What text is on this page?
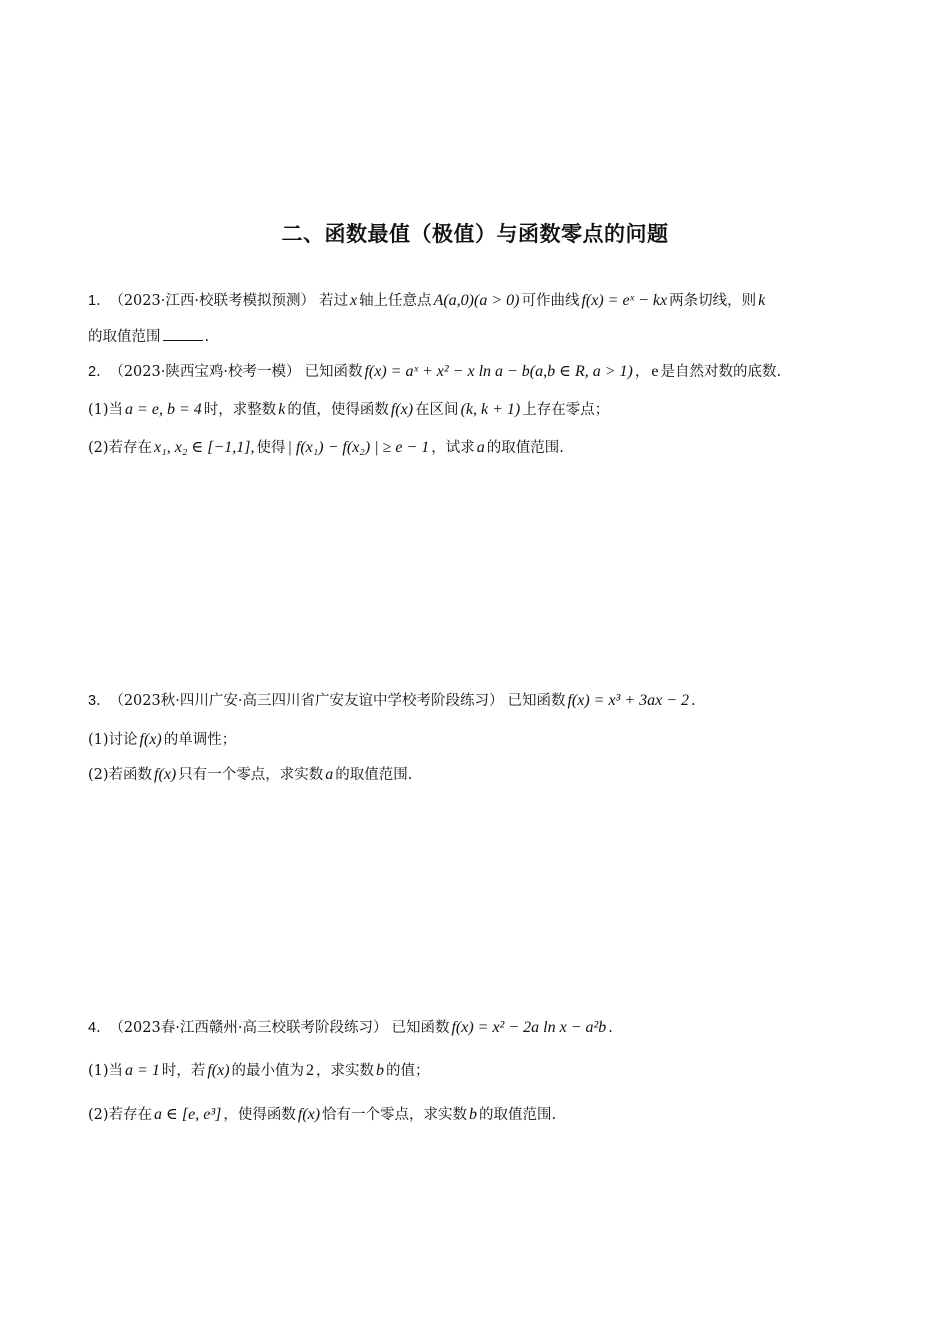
二、函数最值（极值）与函数零点的问题
1． （2023·江西·校联考模拟预测） 若过 x 轴上任意点 A(a,0)(a > 0) 可作曲线 f(x) = eˣ − kx 两条切线，则 k
的取值范围	.
2． （2023·陕西宝鸡·校考一模） 已知函数 f(x) = aˣ + x² − x ln a − b(a,b ∈ R, a > 1) ， e 是自然对数的底数.
(1)当 a = e, b = 4 时，求整数 k 的值，使得函数 f(x) 在区间 (k, k + 1) 上存在零点；
(2)若存在 x₁, x₂ ∈ [−1,1], 使得 | f(x₁) − f(x₂) | ≥ e − 1 ，试求 a 的取值范围.
3． （2023秋·四川广安·高三四川省广安友谊中学校考阶段练习） 已知函数 f(x) = x³ + 3ax − 2 .
(1)讨论 f(x) 的单调性；
(2)若函数 f(x) 只有一个零点，求实数 a 的取值范围.
4． （2023春·江西赣州·高三校联考阶段练习） 已知函数 f(x) = x² − 2a ln x − a²b .
(1)当 a = 1 时，若 f(x) 的最小值为 2 ，求实数 b 的值；
(2)若存在 a ∈ [e, e³] ，使得函数 f(x) 恰有一个零点，求实数 b 的取值范围.
